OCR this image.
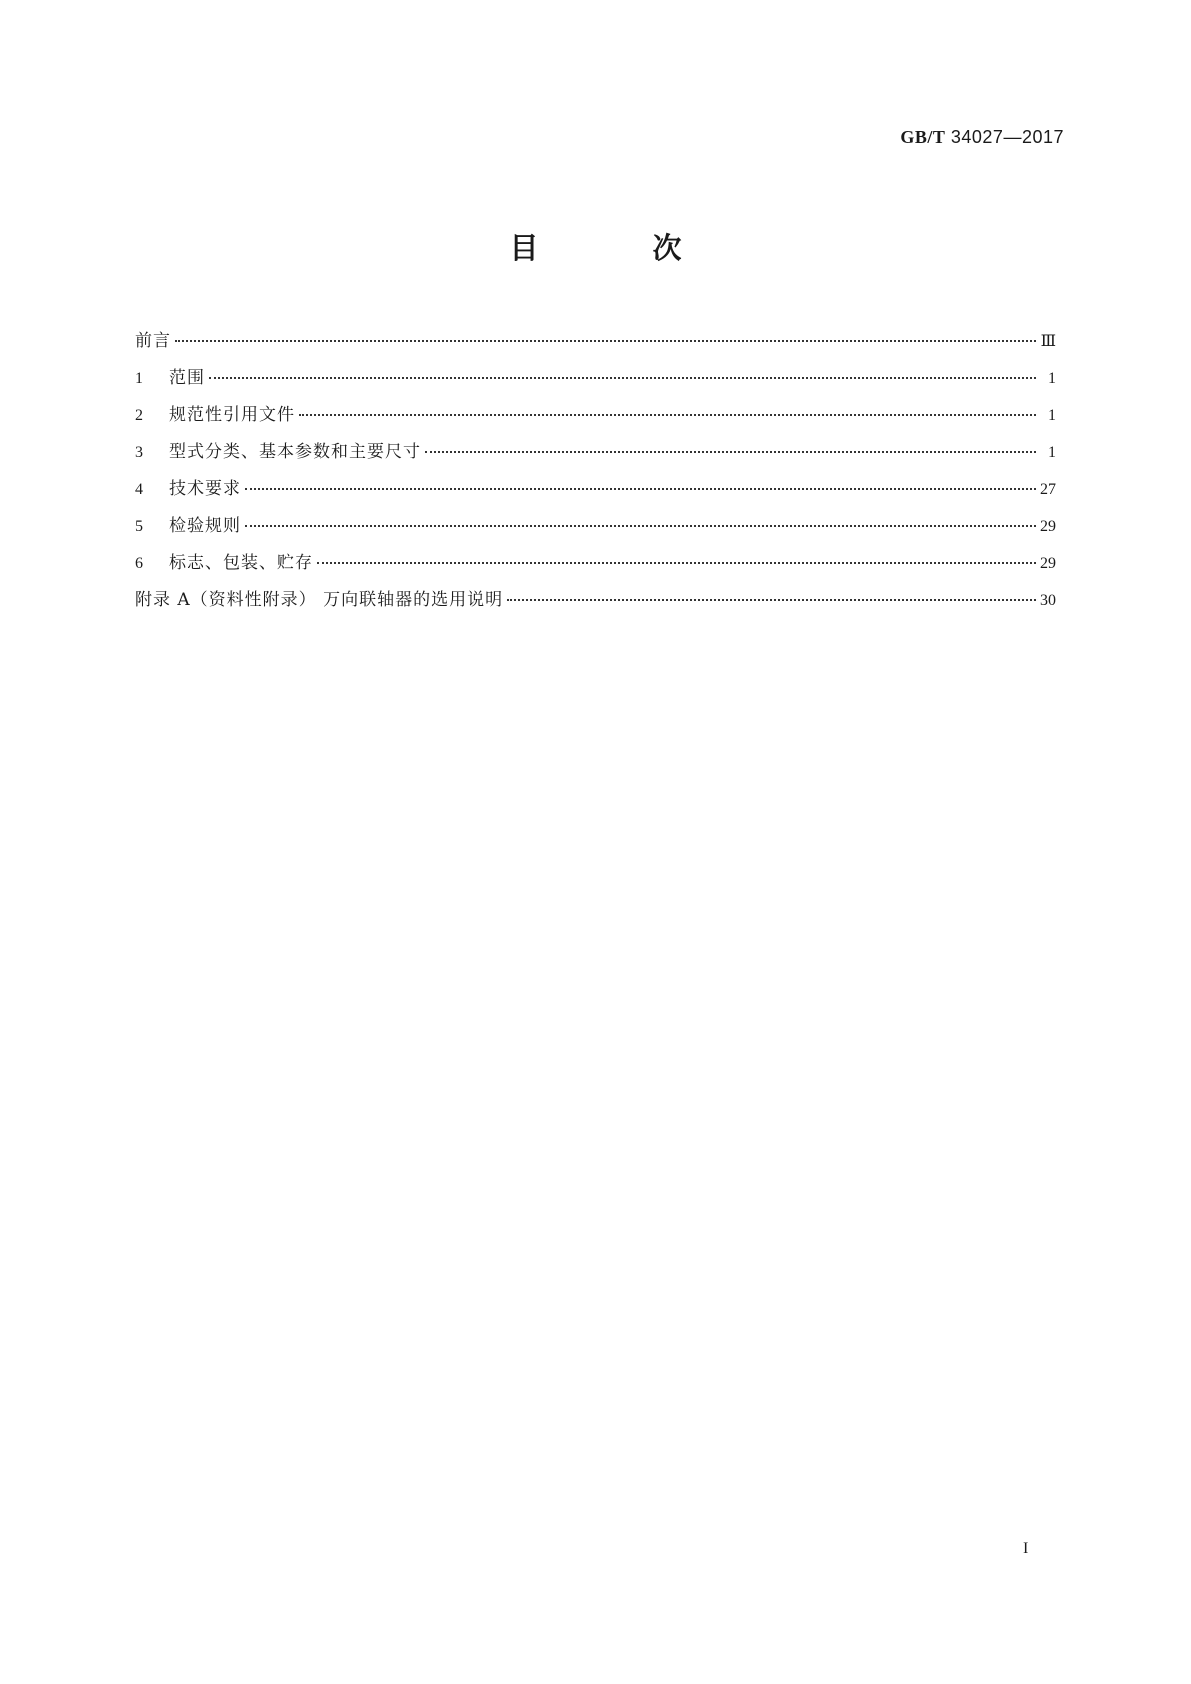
GB/T 34027—2017
目 次
前言	Ⅲ
1	范围	1
2	规范性引用文件	1
3	型式分类、基本参数和主要尺寸	1
4	技术要求	27
5	检验规则	29
6	标志、包装、贮存	29
附录 A（资料性附录） 万向联轴器的选用说明	30
I
